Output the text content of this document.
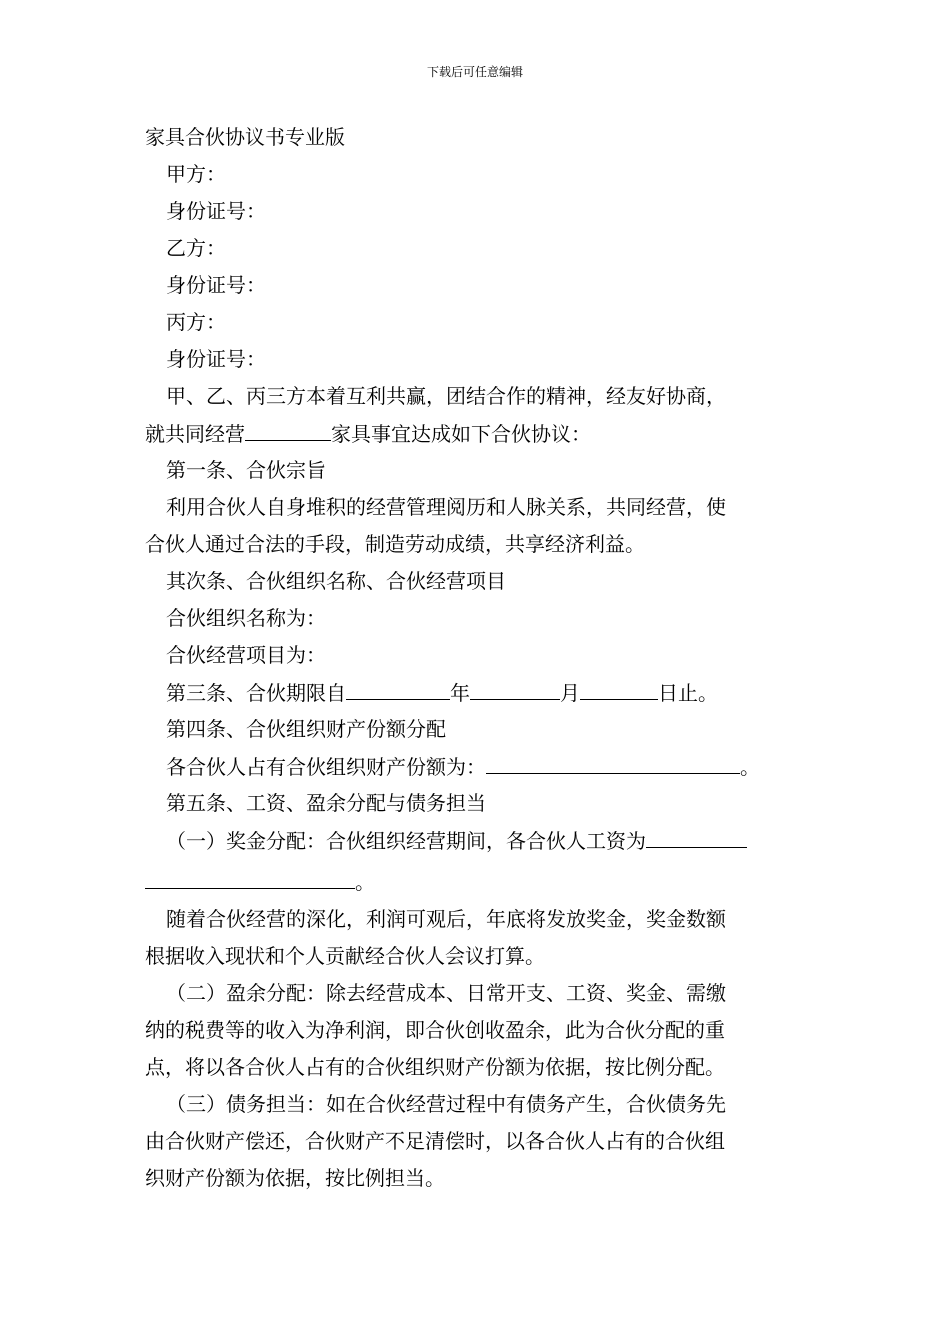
下载后可任意编辑
家具合伙协议书专业版
甲方：
身份证号：
乙方：
身份证号：
丙方：
身份证号：
甲、乙、丙三方本着互利共赢，团结合作的精神，经友好协商，
就共同经营	家具事宜达成如下合伙协议：
第一条、合伙宗旨
利用合伙人自身堆积的经营管理阅历和人脉关系，共同经营，使
合伙人通过合法的手段，制造劳动成绩，共享经济利益。
其次条、合伙组织名称、合伙经营项目
合伙组织名称为：
合伙经营项目为：
第三条、合伙期限自	年	月	日止。
第四条、合伙组织财产份额分配
各合伙人占有合伙组织财产份额为：	。
第五条、工资、盈余分配与债务担当
（一）奖金分配：合伙组织经营期间，各合伙人工资为
。
随着合伙经营的深化，利润可观后，年底将发放奖金，奖金数额
根据收入现状和个人贡献经合伙人会议打算。
（二）盈余分配：除去经营成本、日常开支、工资、奖金、需缴
纳的税费等的收入为净利润，即合伙创收盈余，此为合伙分配的重
点，将以各合伙人占有的合伙组织财产份额为依据，按比例分配。
（三）债务担当：如在合伙经营过程中有债务产生，合伙债务先
由合伙财产偿还，合伙财产不足清偿时，以各合伙人占有的合伙组
织财产份额为依据，按比例担当。
